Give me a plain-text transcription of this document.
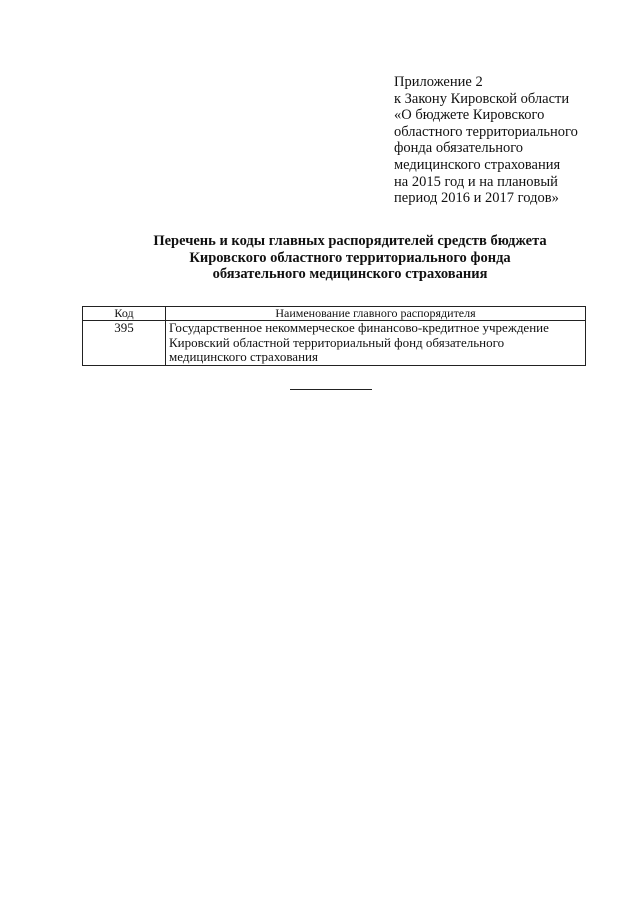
Приложение 2
к Закону Кировской области
«О бюджете Кировского
областного территориального
фонда обязательного
медицинского страхования
на 2015 год и на плановый
период 2016 и 2017 годов»
Перечень и коды главных распорядителей средств бюджета
Кировского областного территориального фонда
обязательного медицинского страхования
Код	Наименование главного распорядителя
395	Государственное некоммерческое финансово-кредитное учреждение
Кировский областной территориальный фонд обязательного
медицинского страхования
